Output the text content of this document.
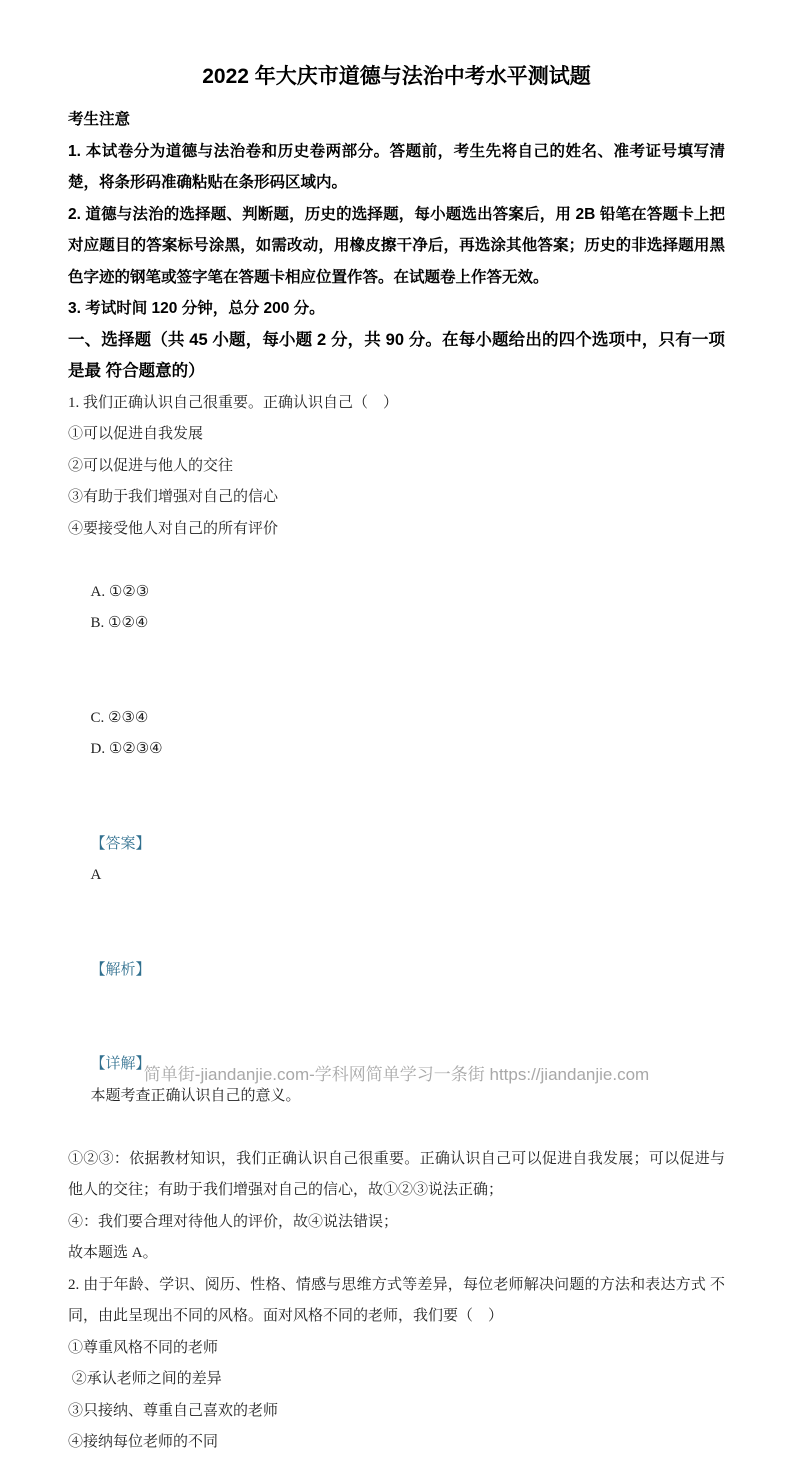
2022 年大庆市道德与法治中考水平测试题

考生注意

1. 本试卷分为道德与法治卷和历史卷两部分。答题前，考生先将自己的姓名、准考证号填写清楚，将条形码准确粘贴在条形码区域内。

2. 道德与法治的选择题、判断题，历史的选择题，每小题选出答案后，用 2B 铅笔在答题卡上把对应题目的答案标号涂黑，如需改动，用橡皮擦干净后，再选涂其他答案；历史的非选择题用黑 色字迹的钢笔或签字笔在答题卡相应位置作答。在试题卷上作答无效。

3. 考试时间 120 分钟，总分 200 分。

一、选择题（共 45 小题，每小题 2 分，共 90 分。在每小题给出的四个选项中，只有一项是最 符合题意的）

1. 我们正确认识自己很重要。正确认识自己（    ）

①可以促进自我发展

②可以促进与他人的交往

③有助于我们增强对自己的信心

④要接受他人对自己的所有评价

A. ①②③
B. ①②④

C. ②③④
D. ①②③④

【答案】
A

【解析】

【详解】
本题考查正确认识自己的意义。

①②③：依据教材知识，我们正确认识自己很重要。正确认识自己可以促进自我发展；可以促进与他人的交往；有助于我们增强对自己的信心，故①②③说法正确；

④：我们要合理对待他人的评价，故④说法错误；

故本题选 A。

2. 由于年龄、学识、阅历、性格、情感与思维方式等差异，每位老师解决问题的方法和表达方式 不同，由此呈现出不同的风格。面对风格不同的老师，我们要（    ）

①尊重风格不同的老师

②承认老师之间的差异

③只接纳、尊重自己喜欢的老师

④接纳每位老师的不同

简单街-jiandanjie.com-学科网简单学习一条街 https://jiandanjie.com
